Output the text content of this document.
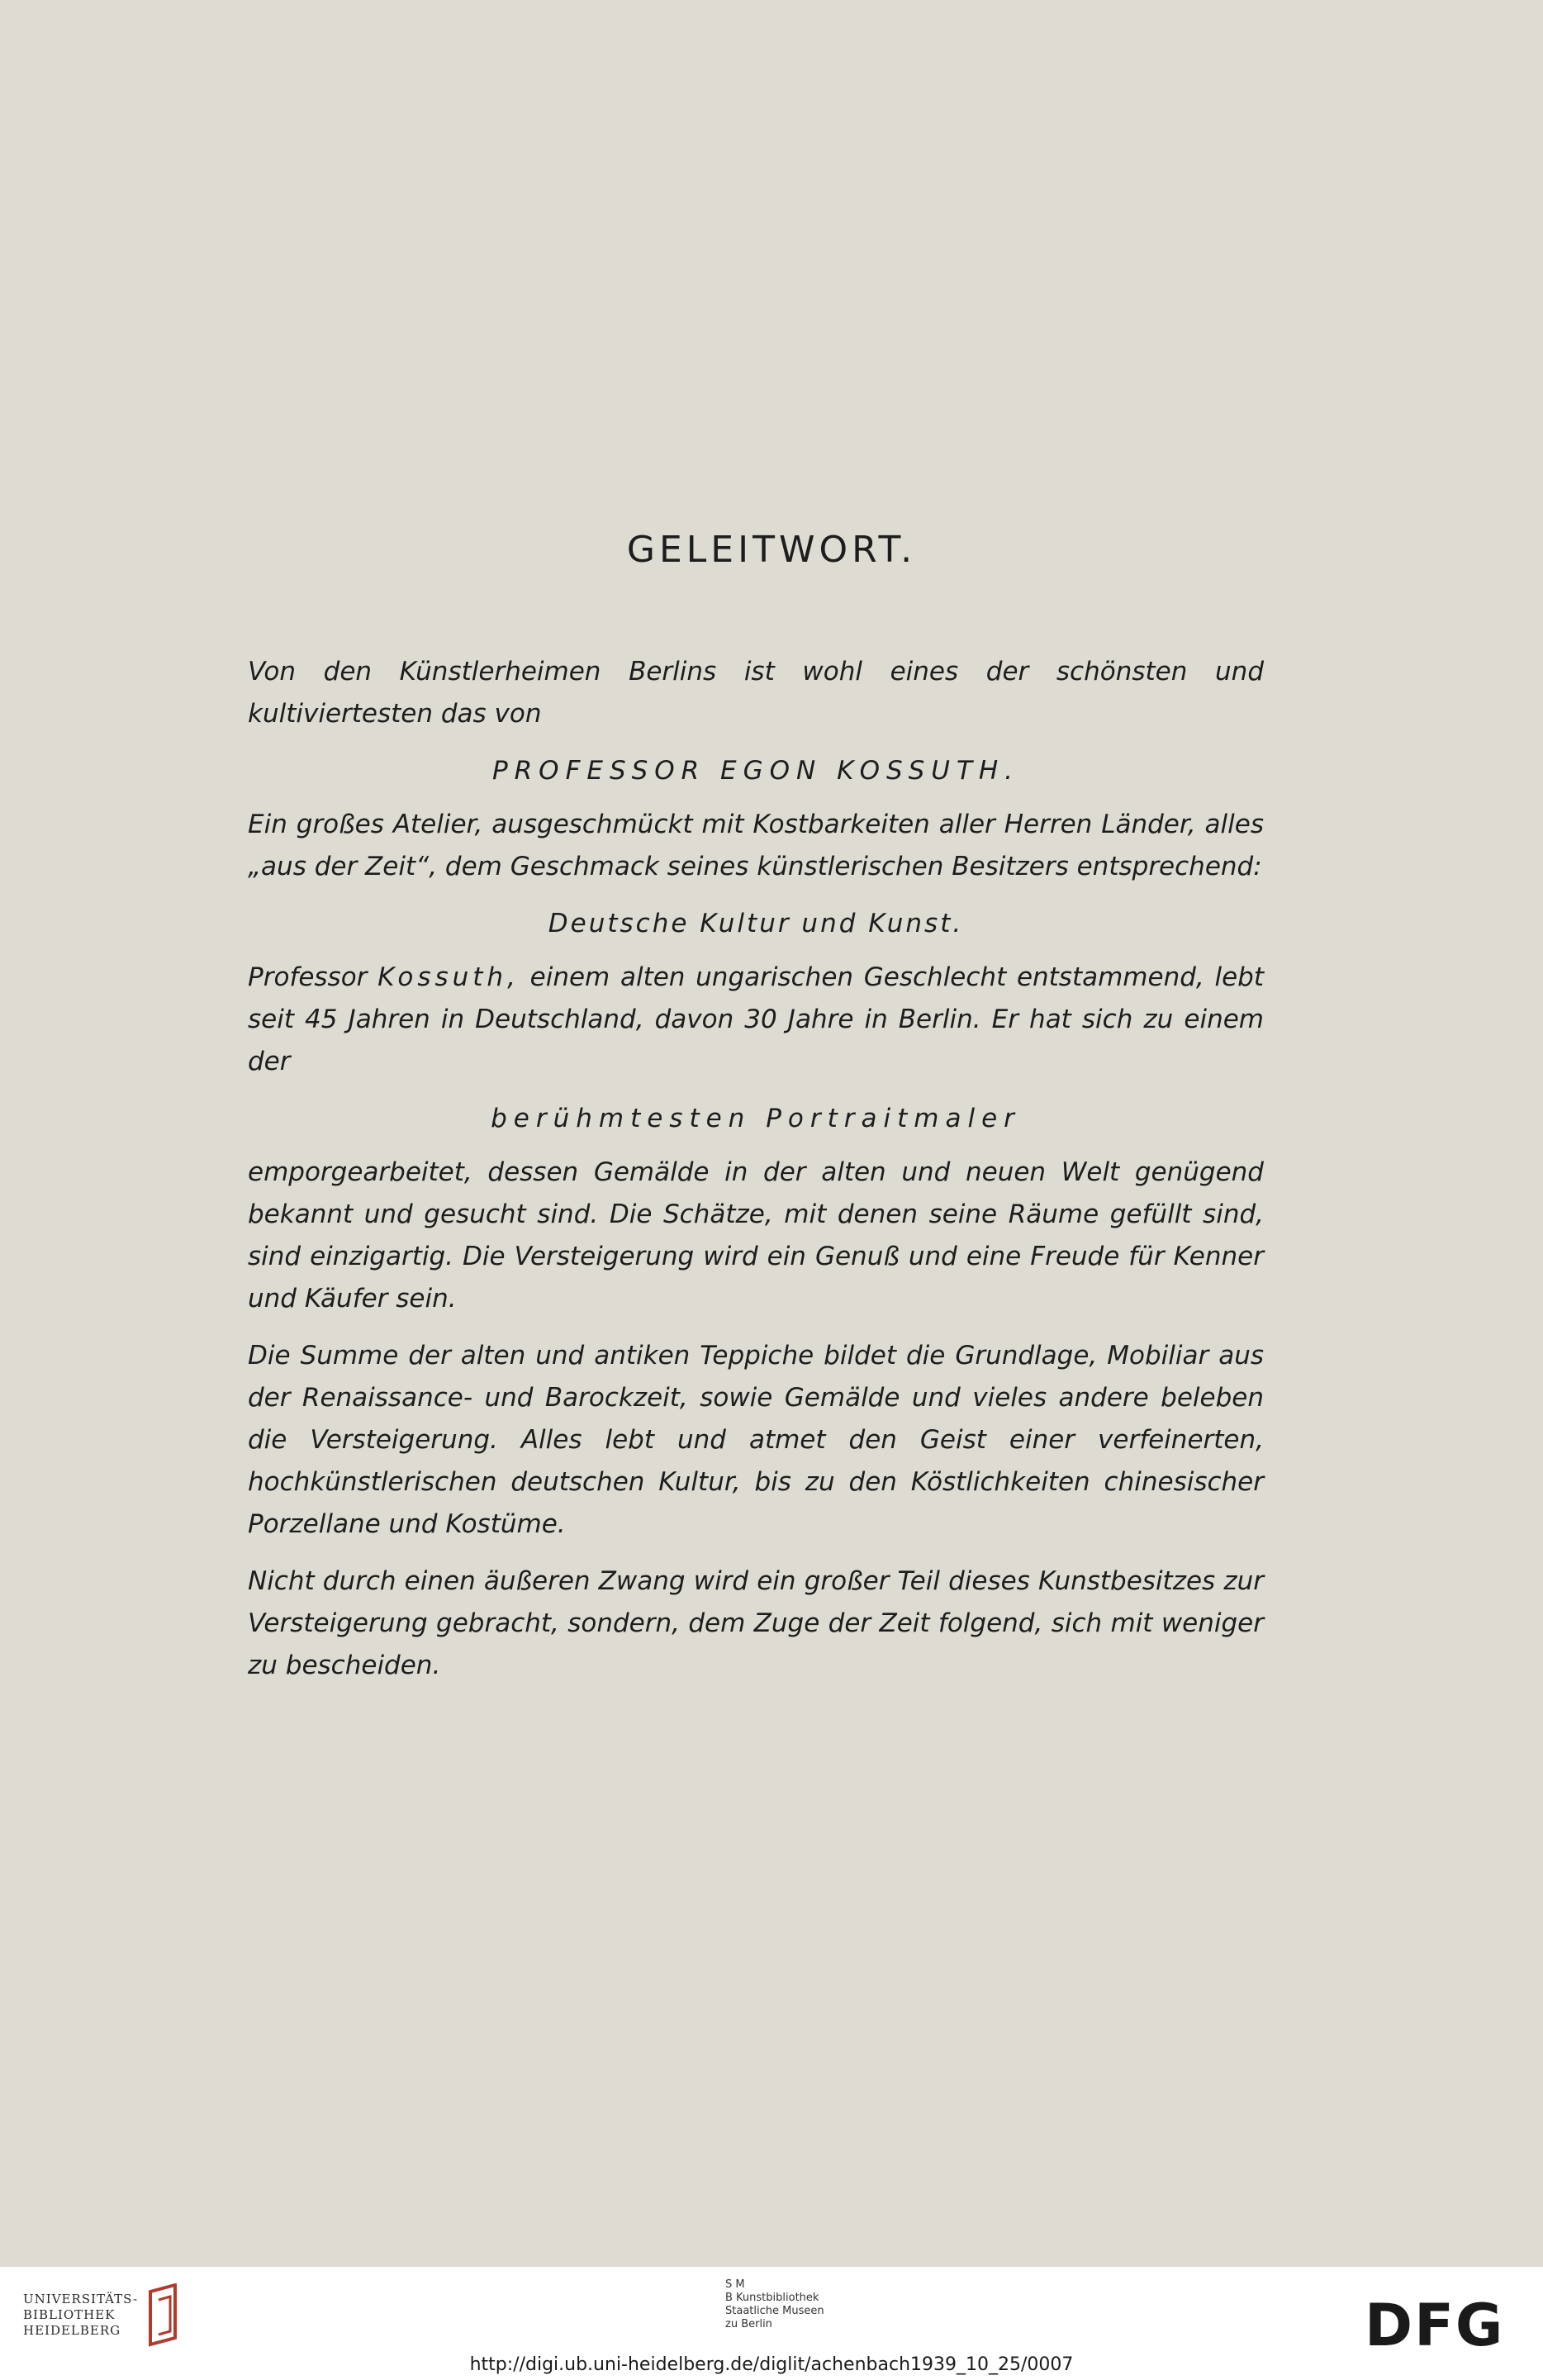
GELEITWORT.

Von den Künstlerheimen Berlins ist wohl eines der schönsten und kultiviertesten das von

PROFESSOR EGON KOSSUTH.

Ein großes Atelier, ausgeschmückt mit Kostbarkeiten aller Herren Länder, alles „aus der Zeit“, dem Geschmack seines künstlerischen Besitzers entsprechend:

Deutsche Kultur und Kunst.

Professor Kossuth, einem alten ungarischen Geschlecht entstammend, lebt seit 45 Jahren in Deutschland, davon 30 Jahre in Berlin. Er hat sich zu einem der

berühmtesten Portraitmaler

emporgearbeitet, dessen Gemälde in der alten und neuen Welt genügend bekannt und gesucht sind. Die Schätze, mit denen seine Räume gefüllt sind, sind einzigartig. Die Versteigerung wird ein Genuß und eine Freude für Kenner und Käufer sein.

Die Summe der alten und antiken Teppiche bildet die Grundlage, Mobiliar aus der Renaissance- und Barockzeit, sowie Gemälde und vieles andere beleben die Versteigerung. Alles lebt und atmet den Geist einer verfeinerten, hochkünstlerischen deutschen Kultur, bis zu den Köstlichkeiten chinesischer Porzellane und Kostüme.

Nicht durch einen äußeren Zwang wird ein großer Teil dieses Kunstbesitzes zur Versteigerung gebracht, sondern, dem Zuge der Zeit folgend, sich mit weniger zu bescheiden.

UNIVERSITÄTS-
BIBLIOTHEK
HEIDELBERG
S M
B Kunstbibliothek
Staatliche Museen
zu Berlin	DFG
http://digi.ub.uni-heidelberg.de/diglit/achenbach1939_10_25/0007
